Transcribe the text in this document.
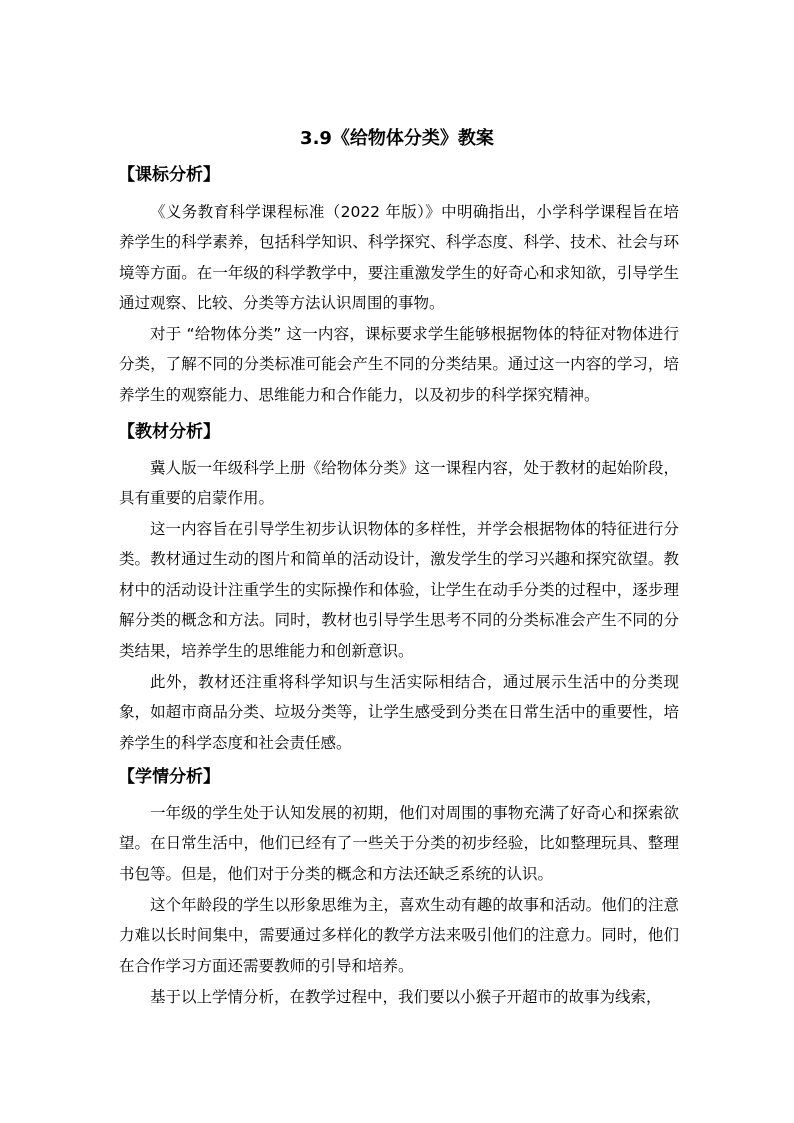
3.9《给物体分类》教案
【课标分析】

《义务教育科学课程标准（2022 年版）》中明确指出，小学科学课程旨在培养学生的科学素养，包括科学知识、科学探究、科学态度、科学、技术、社会与环境等方面。在一年级的科学教学中，要注重激发学生的好奇心和求知欲，引导学生通过观察、比较、分类等方法认识周围的事物。

对于 “给物体分类” 这一内容，课标要求学生能够根据物体的特征对物体进行分类，了解不同的分类标准可能会产生不同的分类结果。通过这一内容的学习，培养学生的观察能力、思维能力和合作能力，以及初步的科学探究精神。

【教材分析】

冀人版一年级科学上册《给物体分类》这一课程内容，处于教材的起始阶段，具有重要的启蒙作用。

这一内容旨在引导学生初步认识物体的多样性，并学会根据物体的特征进行分类。教材通过生动的图片和简单的活动设计，激发学生的学习兴趣和探究欲望。教材中的活动设计注重学生的实际操作和体验，让学生在动手分类的过程中，逐步理解分类的概念和方法。同时，教材也引导学生思考不同的分类标准会产生不同的分类结果，培养学生的思维能力和创新意识。

此外，教材还注重将科学知识与生活实际相结合，通过展示生活中的分类现象，如超市商品分类、垃圾分类等，让学生感受到分类在日常生活中的重要性，培养学生的科学态度和社会责任感。

【学情分析】

一年级的学生处于认知发展的初期，他们对周围的事物充满了好奇心和探索欲望。在日常生活中，他们已经有了一些关于分类的初步经验，比如整理玩具、整理书包等。但是，他们对于分类的概念和方法还缺乏系统的认识。

这个年龄段的学生以形象思维为主，喜欢生动有趣的故事和活动。他们的注意力难以长时间集中，需要通过多样化的教学方法来吸引他们的注意力。同时，他们在合作学习方面还需要教师的引导和培养。

基于以上学情分析，在教学过程中，我们要以小猴子开超市的故事为线索，
